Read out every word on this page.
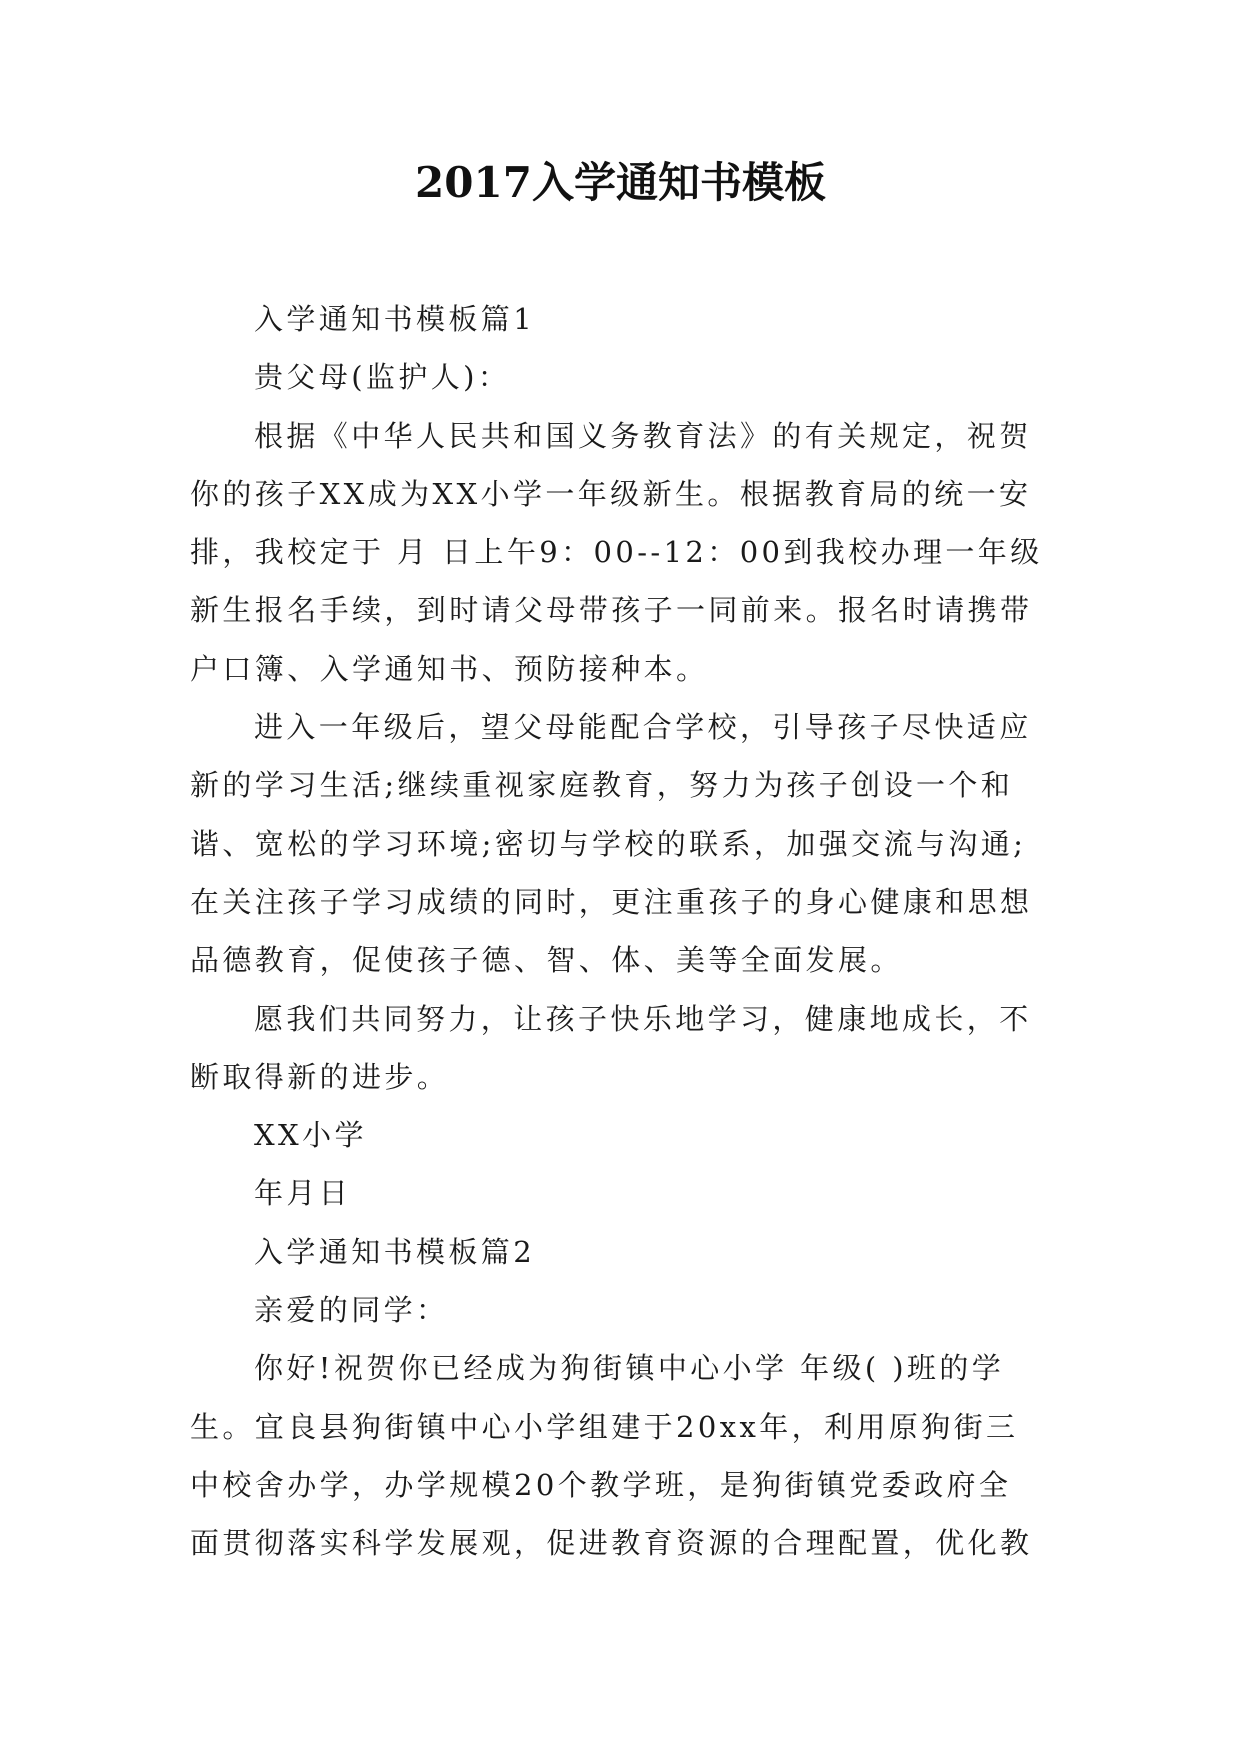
2017入学通知书模板
入学通知书模板篇1
贵父母(监护人)：
根据《中华人民共和国义务教育法》的有关规定，祝贺
你的孩子XX成为XX小学一年级新生。根据教育局的统一安
排，我校定于 月 日上午9：00--12：00到我校办理一年级
新生报名手续，到时请父母带孩子一同前来。报名时请携带
户口簿、入学通知书、预防接种本。
进入一年级后，望父母能配合学校，引导孩子尽快适应
新的学习生活;继续重视家庭教育，努力为孩子创设一个和
谐、宽松的学习环境;密切与学校的联系，加强交流与沟通;
在关注孩子学习成绩的同时，更注重孩子的身心健康和思想
品德教育，促使孩子德、智、体、美等全面发展。
愿我们共同努力，让孩子快乐地学习，健康地成长，不
断取得新的进步。
XX小学
年月日
入学通知书模板篇2
亲爱的同学：
你好!祝贺你已经成为狗街镇中心小学 年级( )班的学
生。宜良县狗街镇中心小学组建于20xx年，利用原狗街三
中校舍办学，办学规模20个教学班，是狗街镇党委政府全
面贯彻落实科学发展观，促进教育资源的合理配置，优化教
